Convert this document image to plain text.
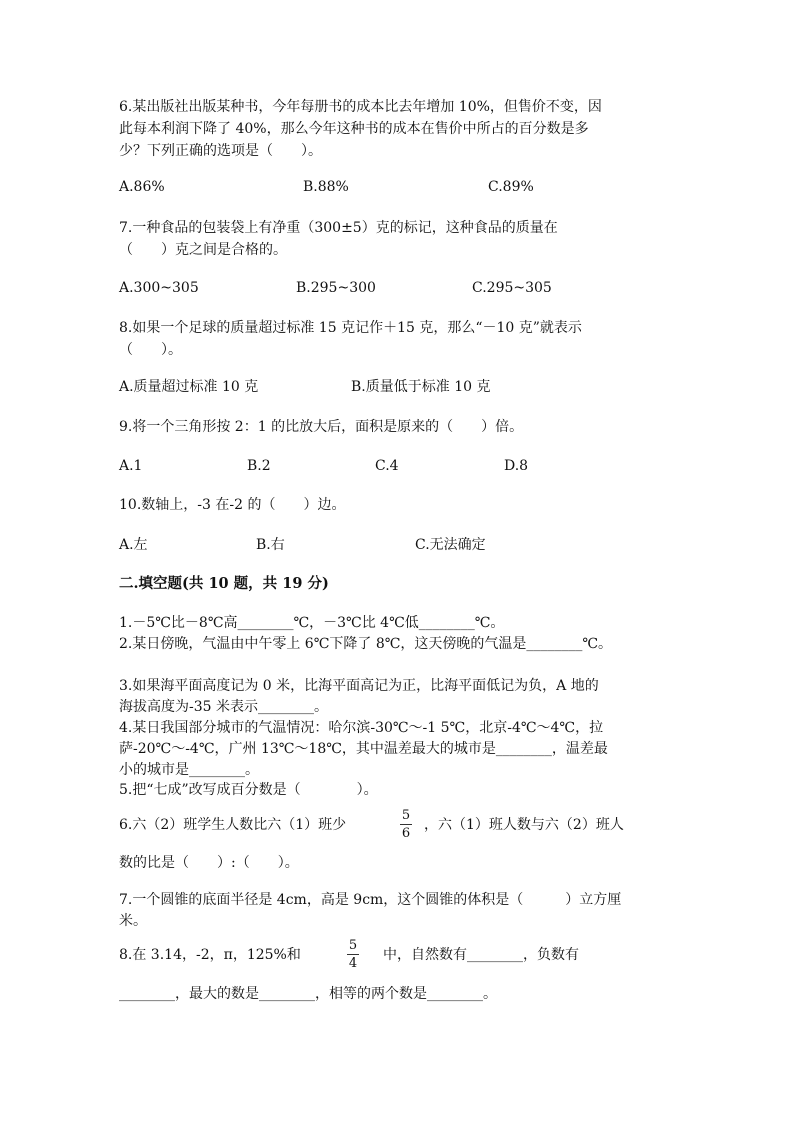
6.某出版社出版某种书，今年每册书的成本比去年增加 10%，但售价不变，因
此每本利润下降了 40%，那么今年这种书的成本在售价中所占的百分数是多
少？下列正确的选项是（　　）。
A.86%	B.88%	C.89%
7.一种食品的包装袋上有净重（300±5）克的标记，这种食品的质量在
（　　）克之间是合格的。
A.300~305	B.295~300	C.295~305
8.如果一个足球的质量超过标准 15 克记作＋15 克，那么“－10 克”就表示
（　　）。
A.质量超过标准 10 克	B.质量低于标准 10 克
9.将一个三角形按 2：1 的比放大后，面积是原来的（　　）倍。
A.1	B.2	C.4	D.8
10.数轴上，-3 在-2 的（　　）边。
A.左	B.右	C.无法确定
二.填空题(共 10 题，共 19 分)
1.－5℃比－8℃高________℃，－3℃比 4℃低________℃。
2.某日傍晚，气温由中午零上 6℃下降了 8℃，这天傍晚的气温是________℃。
3.如果海平面高度记为 0 米，比海平面高记为正，比海平面低记为负，A 地的
海拔高度为-35 米表示________。
4.某日我国部分城市的气温情况：哈尔滨-30℃～-1 5℃，北京-4℃～4℃，拉
萨-20℃～-4℃，广州 13℃～18℃，其中温差最大的城市是________，温差最
小的城市是________。
5.把“七成”改写成百分数是（　　　　）。
6.六（2）班学生人数比六（1）班少
5
6
，六（1）班人数与六（2）班人
数的比是（　　）:（　　）。
7.一个圆锥的底面半径是 4cm，高是 9cm，这个圆锥的体积是（　　　）立方厘
米。
8.在 3.14，-2，π，125%和
5
4
中，自然数有________，负数有
________，最大的数是________，相等的两个数是________。
